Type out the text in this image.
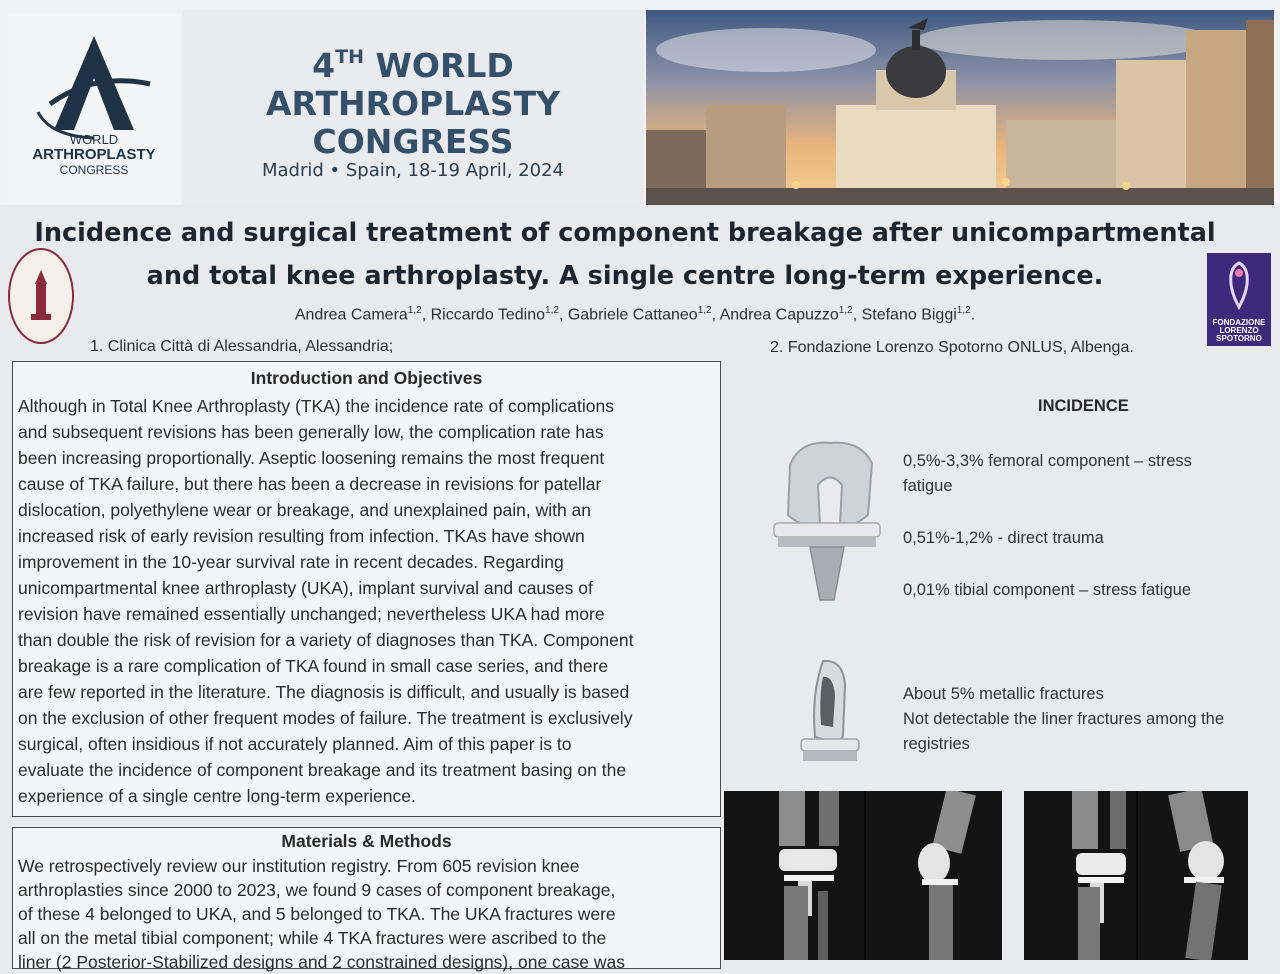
WORLD
ARTHROPLASTY
CONGRESS
4TH WORLD
ARTHROPLASTY
CONGRESS
Madrid • Spain, 18-19 April, 2024
FONDAZIONE
LORENZO
SPOTORNO
Incidence and surgical treatment of component breakage after unicompartmental
and total knee arthroplasty. A single centre long-term experience.
Andrea Camera$^{1,2}$, Riccardo Tedino$^{1,2}$, Gabriele Cattaneo$^{1,2}$, Andrea Capuzzo$^{1,2}$, Stefano Biggi$^{1,2}$.
1. Clinica Città di Alessandria, Alessandria;	2. Fondazione Lorenzo Spotorno ONLUS, Albenga.
Introduction and Objectives
Although in Total Knee Arthroplasty (TKA) the incidence rate of complications
and subsequent revisions has been generally low, the complication rate has
been increasing proportionally. Aseptic loosening remains the most frequent
cause of TKA failure, but there has been a decrease in revisions for patellar
dislocation, polyethylene wear or breakage, and unexplained pain, with an
increased risk of early revision resulting from infection. TKAs have shown
improvement in the 10-year survival rate in recent decades. Regarding
unicompartmental knee arthroplasty (UKA), implant survival and causes of
revision have remained essentially unchanged; nevertheless UKA had more
than double the risk of revision for a variety of diagnoses than TKA. Component
breakage is a rare complication of TKA found in small case series, and there
are few reported in the literature. The diagnosis is difficult, and usually is based
on the exclusion of other frequent modes of failure. The treatment is exclusively
surgical, often insidious if not accurately planned. Aim of this paper is to
evaluate the incidence of component breakage and its treatment basing on the
experience of a single centre long-term experience.
Materials & Methods
We retrospectively review our institution registry. From 605 revision knee
arthroplasties since 2000 to 2023, we found 9 cases of component breakage,
of these 4 belonged to UKA, and 5 belonged to TKA. The UKA fractures were
all on the metal tibial component; while 4 TKA fractures were ascribed to the
liner (2 Posterior-Stabilized designs and 2 constrained designs), one case was
INCIDENCE
0,5%-3,3% femoral component – stress
fatigue
0,51%-1,2% - direct trauma
0,01% tibial component – stress fatigue
About 5% metallic fractures
Not detectable the liner fractures among the
registries
